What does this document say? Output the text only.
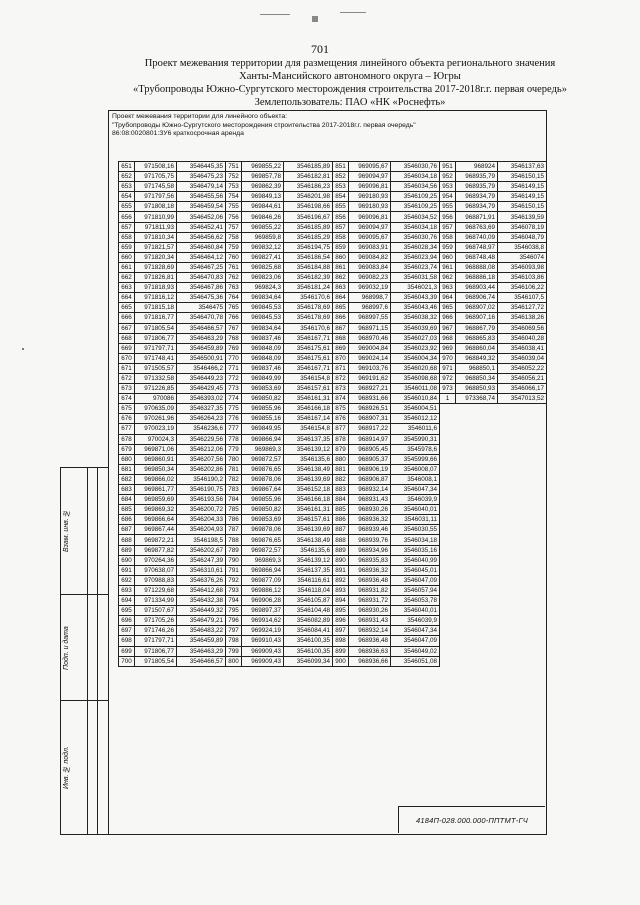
701
Проект межевания территории для размещения линейного объекта регионального значения
Ханты-Мансийского автономного округа – Югры
«Трубопроводы Южно-Сургутского месторождения строительства 2017-2018г.г. первая очередь»
Землепользователь: ПАО «НК «Роснефть»
Проект межевания территории для линейного объекта:
"Трубопроводы Южно-Сургутского месторождения строительства 2017-2018г.г. первая очередь"
86:08:0020801:ЗУ6 краткосрочная аренда
651	971508,16	3546445,35	751	969855,22	3546185,89	851	969095,67	3546030,76	951	968924	3546137,63
652	971705,75	3546475,23	752	969857,78	3546182,81	852	969094,97	3546034,18	952	968935,79	3546150,15
653	971745,58	3546479,14	753	969862,39	3546186,23	853	969096,81	3546034,56	953	968935,79	3546149,15
654	971797,56	3546455,56	754	969849,13	3546201,98	854	969180,93	3546109,25	954	968934,79	3546149,15
655	971808,18	3546459,54	755	969844,61	3546198,66	855	969180,93	3546109,25	955	968934,79	3546150,15
656	971810,99	3546452,06	756	969846,26	3546196,67	856	969096,81	3546034,52	956	968871,91	3546139,59
657	971811,93	3546452,41	757	969855,22	3546185,89	857	969094,97	3546034,18	957	968763,69	3546078,19
658	971810,34	3546456,62	758	969859,8	3546185,29	858	969095,67	3546030,76	958	968740,09	3546048,79
659	971821,57	3546460,84	759	969832,12	3546194,75	859	969083,91	3546028,34	959	968748,97	3546038,8
660	971820,34	3546464,12	760	969827,41	3546186,54	860	969084,82	3546023,94	960	968748,48	3546074
661	971828,69	3546467,25	761	969825,68	3546184,88	861	969083,84	3546023,74	961	968888,08	3546093,98
662	971826,81	3546470,83	762	969823,06	3546182,39	862	969082,23	3546031,58	962	968886,18	3546103,86
663	971818,93	3546467,86	763	969824,3	3546181,24	863	969032,19	3546021,3	963	968903,44	3546106,22
664	971816,12	3546475,36	764	969834,64	3546170,6	864	968998,7	3546043,39	964	968906,74	3546107,5
665	971815,18	3546475	765	969845,53	3546178,69	865	968997,6	3546043,46	965	968907,02	3546127,72
666	971816,77	3546470,78	766	969845,53	3546178,69	866	968997,55	3546038,32	966	968907,16	3546138,26
667	971805,54	3546466,57	767	969834,64	3546170,6	867	968971,15	3546039,69	967	968867,79	3546069,56
668	971806,77	3546463,29	768	969837,46	3546167,71	868	968970,46	3546027,03	968	968865,83	3546040,28
669	971797,71	3546459,89	769	969848,09	3546175,61	869	969004,84	3546023,92	969	968860,04	3546038,41
670	971748,41	3546500,91	770	969848,09	3546175,61	870	969024,14	3546004,34	970	968849,32	3546039,04
671	971505,57	3546466,2	771	969837,46	3546167,71	871	969103,76	3546020,68	971	968850,1	3546052,22
672	971332,58	3546449,23	772	969849,99	3546154,8	872	969191,62	3546098,68	972	968850,34	3546056,21
673	971226,85	3546429,45	773	969853,69	3546157,61	873	968927,21	3546011,08	973	968850,93	3546066,17
674	970086	3546393,02	774	969850,82	3546161,31	874	968931,66	3546010,84	1	973368,74	3547013,52
675	970635,09	3546327,35	775	969855,96	3546166,18	875	968926,51	3546004,51			
676	970261,96	3546264,23	776	969855,16	3546167,14	876	968907,31	3546012,12			
677	970023,19	3546236,6	777	969849,95	3546154,8	877	968917,22	3546011,6			
678	970024,3	3546229,56	778	969866,94	3546137,35	878	968914,97	3545990,31			
679	969871,06	3546212,06	779	969869,3	3546139,12	879	968905,45	3545978,6			
680	969860,91	3546207,56	780	969872,57	3546135,6	880	968905,37	3545999,66			
681	969850,34	3546202,86	781	969876,65	3546138,49	881	968906,19	3546008,07			
682	969866,02	3546190,2	782	969878,06	3546139,69	882	968906,87	3546008,1			
683	969861,77	3546190,75	783	969867,64	3546152,18	883	968932,14	3546047,34			
684	969859,69	3546193,56	784	969855,96	3546166,18	884	968931,43	3546039,9			
685	969869,32	3546200,72	785	969850,82	3546161,31	885	968930,26	3546040,01			
686	969866,64	3546204,33	786	969853,69	3546157,61	886	968936,32	3546031,11			
687	969867,44	3546204,93	787	969878,06	3546139,69	887	968939,46	3546030,55			
688	969872,21	3546198,5	788	969876,65	3546138,49	888	968939,76	3546034,18			
689	969877,82	3546202,67	789	969872,57	3546135,6	889	968934,96	3546035,16			
690	970264,36	3546247,39	790	969869,3	3546139,12	890	968935,83	3546040,99			
691	970638,07	3546310,61	791	969866,94	3546137,35	891	968936,32	3546045,01			
692	970988,83	3546376,26	792	969877,09	3546116,61	892	968936,48	3546047,09			
693	971229,68	3546412,68	793	969886,12	3546118,04	893	968931,82	3546057,94			
694	971334,99	3546432,38	794	969906,28	3546105,87	894	968931,72	3546053,78			
695	971507,67	3546449,32	795	969897,37	3546104,48	895	968930,26	3546040,01			
696	971705,26	3546479,21	796	969914,62	3546082,89	896	968931,43	3546039,9			
697	971746,26	3546483,22	797	969924,19	3546084,41	897	968932,14	3546047,34			
698	971797,71	3546459,89	798	969910,43	3546100,35	898	968936,48	3546047,09			
699	971806,77	3546463,29	799	969909,43	3546100,35	899	968936,63	3546049,02			
700	971805,54	3546466,57	800	969909,43	3546099,34	900	968936,66	3546051,08			
Инв. № подл.
Подп. и дата
Взам. инв. №
4184П-028.000.000-ППТМТ-ГЧ
